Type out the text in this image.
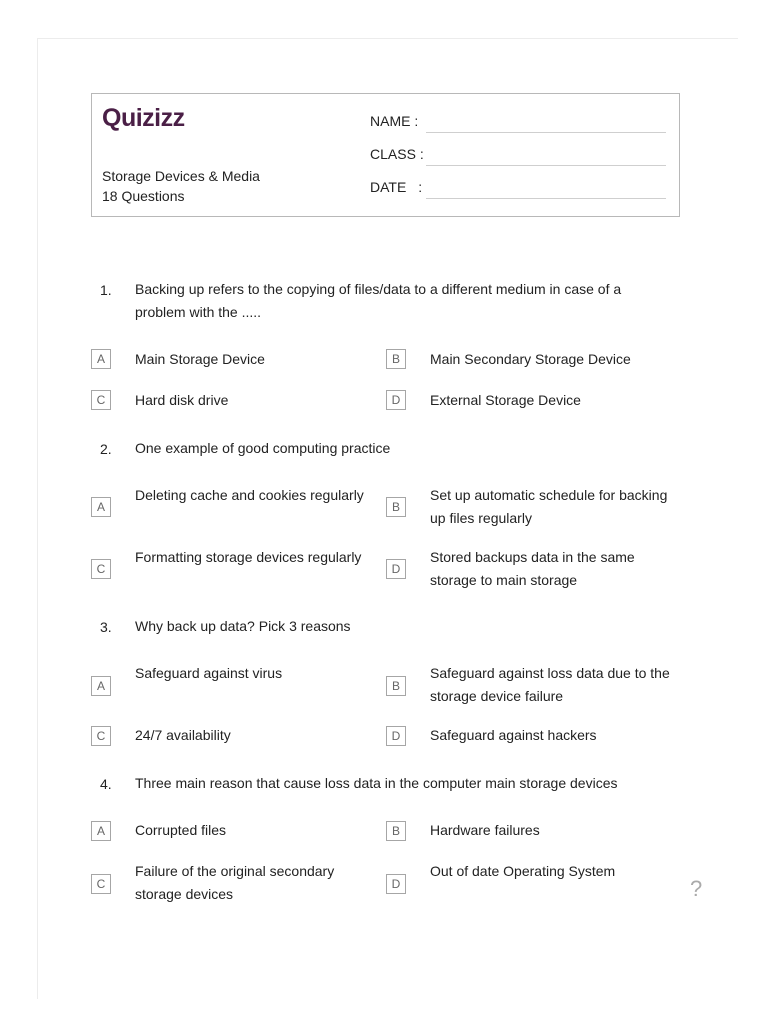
Quizizz
Storage Devices & Media
18 Questions
NAME :
CLASS :
DATE :
1. Backing up refers to the copying of files/data to a different medium in case of a problem with the .....
A	Main Storage Device	B	Main Secondary Storage Device
C	Hard disk drive	D	External Storage Device
2. One example of good computing practice
A
Deleting cache and cookies regularly
B
Set up automatic schedule for backing up files regularly
C
Formatting storage devices regularly
D
Stored backups data in the same storage to main storage
3. Why back up data? Pick 3 reasons
A
Safeguard against virus
B
Safeguard against loss data due to the storage device failure
C	24/7 availability	D	Safeguard against hackers
4. Three main reason that cause loss data in the computer main storage devices
A	Corrupted files	B	Hardware failures
C
Failure of the original secondary storage devices
D
Out of date Operating System
?
